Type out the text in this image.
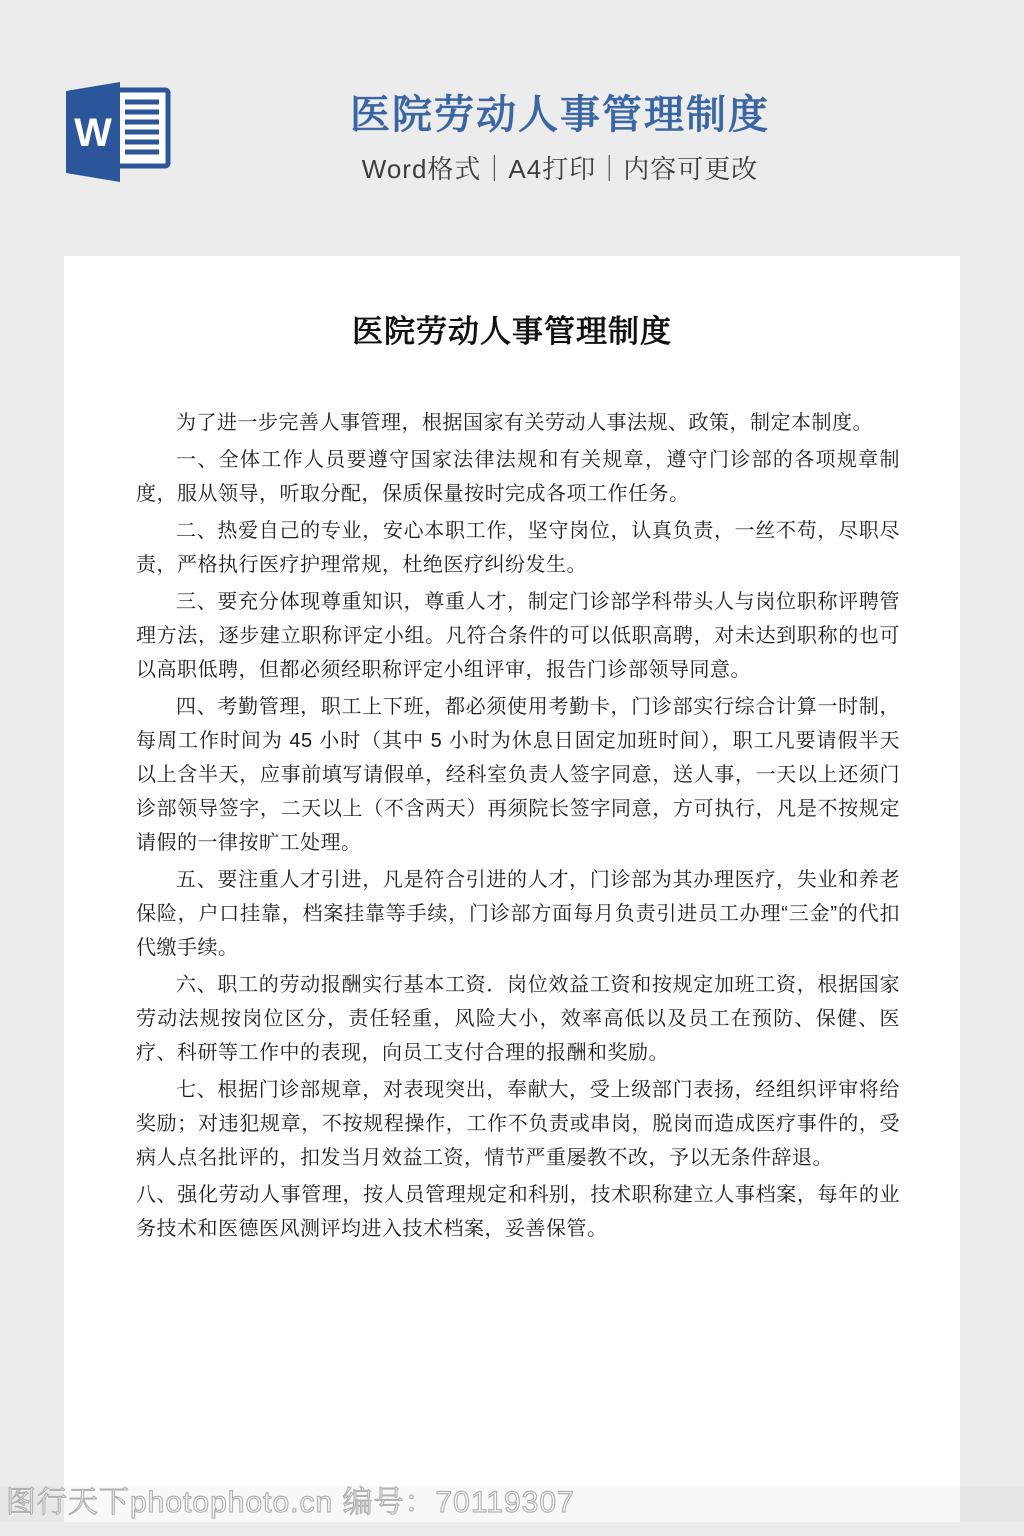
W	医院劳动人事管理制度
Word格式｜A4打印｜内容可更改
医院劳动人事管理制度

为了进一步完善人事管理，根据国家有关劳动人事法规、政策，制定本制度。

一、全体工作人员要遵守国家法律法规和有关规章，遵守门诊部的各项规章制度，服从领导，听取分配，保质保量按时完成各项工作任务。

二、热爱自己的专业，安心本职工作，坚守岗位，认真负责，一丝不苟，尽职尽责，严格执行医疗护理常规，杜绝医疗纠纷发生。

三、要充分体现尊重知识，尊重人才，制定门诊部学科带头人与岗位职称评聘管理方法，逐步建立职称评定小组。凡符合条件的可以低职高聘，对未达到职称的也可以高职低聘，但都必须经职称评定小组评审，报告门诊部领导同意。

四、考勤管理，职工上下班，都必须使用考勤卡，门诊部实行综合计算一时制，每周工作时间为 45 小时（其中 5 小时为休息日固定加班时间），职工凡要请假半天以上含半天，应事前填写请假单，经科室负责人签字同意，送人事，一天以上还须门诊部领导签字，二天以上（不含两天）再须院长签字同意，方可执行，凡是不按规定请假的一律按旷工处理。

五、要注重人才引进，凡是符合引进的人才，门诊部为其办理医疗，失业和养老保险，户口挂靠，档案挂靠等手续，门诊部方面每月负责引进员工办理“三金”的代扣代缴手续。

六、职工的劳动报酬实行基本工资．岗位效益工资和按规定加班工资，根据国家劳动法规按岗位区分，责任轻重，风险大小，效率高低以及员工在预防、保健、医疗、科研等工作中的表现，向员工支付合理的报酬和奖励。

七、根据门诊部规章，对表现突出，奉献大，受上级部门表扬，经组织评审将给奖励；对违犯规章，不按规程操作，工作不负责或串岗，脱岗而造成医疗事件的，受病人点名批评的，扣发当月效益工资，情节严重屡教不改，予以无条件辞退。

八、强化劳动人事管理，按人员管理规定和科别，技术职称建立人事档案，每年的业务技术和医德医风测评均进入技术档案，妥善保管。

图行天下photophoto.cn 编号：70119307
